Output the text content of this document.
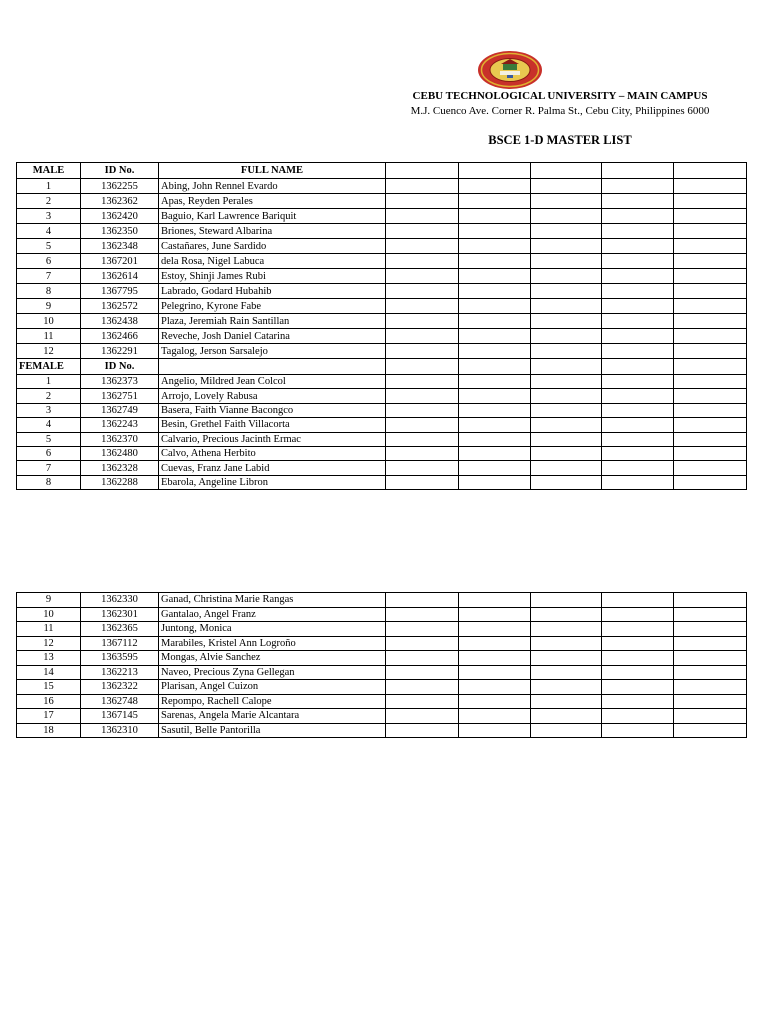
CEBU TECHNOLOGICAL UNIVERSITY – MAIN CAMPUS
M.J. Cuenco Ave. Corner R. Palma St., Cebu City, Philippines 6000
BSCE 1-D MASTER LIST
MALE	ID No.	FULL NAME					
1	1362255	Abing, John Rennel Evardo					
2	1362362	Apas, Reyden Perales					
3	1362420	Baguio, Karl Lawrence Bariquit					
4	1362350	Briones, Steward Albarina					
5	1362348	Castañares, June Sardido					
6	1367201	dela Rosa, Nigel Labuca					
7	1362614	Estoy, Shinji James Rubi					
8	1367795	Labrado, Godard Hubahib					
9	1362572	Pelegrino, Kyrone Fabe					
10	1362438	Plaza, Jeremiah Rain Santillan					
11	1362466	Reveche, Josh Daniel Catarina					
12	1362291	Tagalog, Jerson Sarsalejo					
FEMALE	ID No.						
1	1362373	Angelio, Mildred Jean Colcol					
2	1362751	Arrojo, Lovely Rabusa					
3	1362749	Basera, Faith Vianne Bacongco					
4	1362243	Besin, Grethel Faith Villacorta					
5	1362370	Calvario, Precious Jacinth Ermac					
6	1362480	Calvo, Athena Herbito					
7	1362328	Cuevas, Franz Jane Labid					
8	1362288	Ebarola, Angeline Libron					
9	1362330	Ganad, Christina Marie Rangas					
10	1362301	Gantalao, Angel Franz					
11	1362365	Juntong, Monica					
12	1367112	Marabiles, Kristel Ann Logroño					
13	1363595	Mongas, Alvie Sanchez					
14	1362213	Naveo, Precious Zyna Gellegan					
15	1362322	Plarisan, Angel Cuizon					
16	1362748	Repompo, Rachell Calope					
17	1367145	Sarenas, Angela Marie Alcantara					
18	1362310	Sasutil, Belle Pantorilla					
